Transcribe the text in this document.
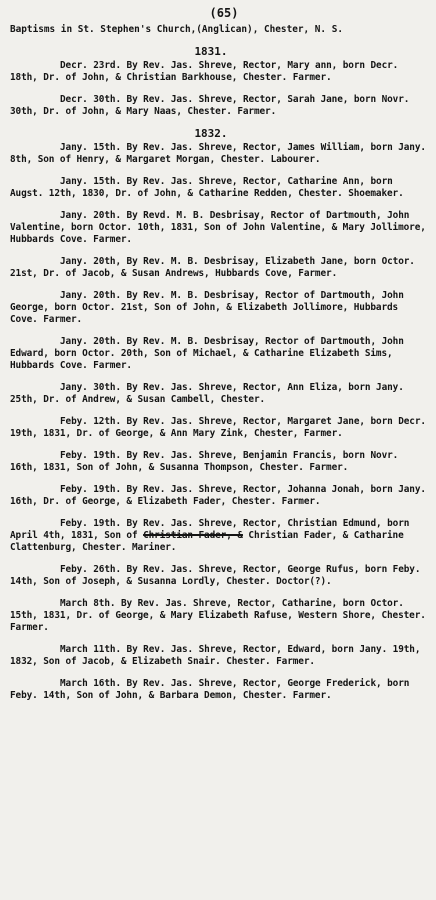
(65)
Baptisms in St. Stephen's Church,(Anglican), Chester, N. S.
1831.
Decr. 23rd. By Rev. Jas. Shreve, Rector, Mary ann, born Decr. 18th, Dr. of John, & Christian Barkhouse, Chester. Farmer.
Decr. 30th. By Rev. Jas. Shreve, Rector, Sarah Jane, born Novr. 30th, Dr. of John, & Mary Naas, Chester. Farmer.
1832.
Jany. 15th. By Rev. Jas. Shreve, Rector, James William, born Jany. 8th, Son of Henry, & Margaret Morgan, Chester. Labourer.
Jany. 15th. By Rev. Jas. Shreve, Rector, Catharine Ann, born Augst. 12th, 1830, Dr. of John, & Catharine Redden, Chester. Shoemaker.
Jany. 20th. By Revd. M. B. Desbrisay, Rector of Dartmouth, John Valentine, born Octor. 10th, 1831, Son of John Valentine, & Mary Jollimore, Hubbards Cove. Farmer.
Jany. 20th, By Rev. M. B. Desbrisay, Elizabeth Jane, born Octor. 21st, Dr. of Jacob, & Susan Andrews, Hubbards Cove, Farmer.
Jany. 20th. By Rev. M. B. Desbrisay, Rector of Dartmouth, John George, born Octor. 21st, Son of John, & Elizabeth Jollimore, Hubbards Cove. Farmer.
Jany. 20th. By Rev. M. B. Desbrisay, Rector of Dartmouth, John Edward, born Octor. 20th, Son of Michael, & Catharine Elizabeth Sims, Hubbards Cove. Farmer.
Jany. 30th. By Rev. Jas. Shreve, Rector, Ann Eliza, born Jany. 25th, Dr. of Andrew, & Susan Cambell, Chester.
Feby. 12th. By Rev. Jas. Shreve, Rector, Margaret Jane, born Decr. 19th, 1831, Dr. of George, & Ann Mary Zink, Chester, Farmer.
Feby. 19th. By Rev. Jas. Shreve, Benjamin Francis, born Novr. 16th, 1831, Son of John, & Susanna Thompson, Chester. Farmer.
Feby. 19th. By Rev. Jas. Shreve, Rector, Johanna Jonah, born Jany. 16th, Dr. of George, & Elizabeth Fader, Chester. Farmer.
Feby. 19th. By Rev. Jas. Shreve, Rector, Christian Edmund, born April 4th, 1831, Son of Christian Fader, & Christian Fader, & Catharine Clattenburg, Chester. Mariner.
Feby. 26th. By Rev. Jas. Shreve, Rector, George Rufus, born Feby. 14th, Son of Joseph, & Susanna Lordly, Chester. Doctor(?).
March 8th. By Rev. Jas. Shreve, Rector, Catharine, born Octor. 15th, 1831, Dr. of George, & Mary Elizabeth Rafuse, Western Shore, Chester. Farmer.
March 11th. By Rev. Jas. Shreve, Rector, Edward, born Jany. 19th, 1832, Son of Jacob, & Elizabeth Snair. Chester. Farmer.
March 16th. By Rev. Jas. Shreve, Rector, George Frederick, born Feby. 14th, Son of John, & Barbara Demon, Chester. Farmer.
